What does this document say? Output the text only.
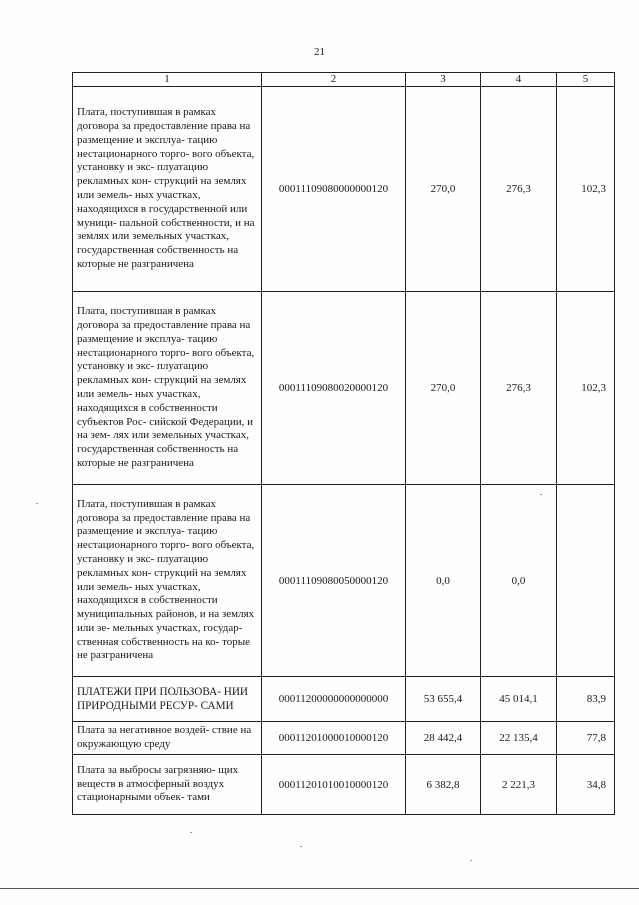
21
1	2	3	4	5
Плата, поступившая в рамках договора за предоставление права на размещение и эксплуа- тацию нестационарного торго- вого объекта, установку и экс- плуатацию рекламных кон- струкций на землях или земель- ных участках, находящихся в государственной или муници- пальной собственности, и на землях или земельных участках, государственная собственность на которые не разграничена	00011109080000000120	270,0	276,3	102,3
Плата, поступившая в рамках договора за предоставление права на размещение и эксплуа- тацию нестационарного торго- вого объекта, установку и экс- плуатацию рекламных кон- струкций на землях или земель- ных участках, находящихся в собственности субъектов Рос- сийской Федерации, и на зем- лях или земельных участках, государственная собственность на которые не разграничена	00011109080020000120	270,0	276,3	102,3
Плата, поступившая в рамках договора за предоставление права на размещение и эксплуа- тацию нестационарного торго- вого объекта, установку и экс- плуатацию рекламных кон- струкций на землях или земель- ных участках, находящихся в собственности муниципальных районов, и на землях или зе- мельных участках, государ- ственная собственность на ко- торые не разграничена	00011109080050000120	0,0	0,0	
ПЛАТЕЖИ ПРИ ПОЛЬЗОВА- НИИ ПРИРОДНЫМИ РЕСУР- САМИ	00011200000000000000	53 655,4	45 014,1	83,9
Плата за негативное воздей- ствие на окружающую среду	00011201000010000120	28 442,4	22 135,4	77,8
Плата за выбросы загрязняю- щих веществ в атмосферный воздух стационарными объек- тами	00011201010010000120	6 382,8	2 221,3	34,8
